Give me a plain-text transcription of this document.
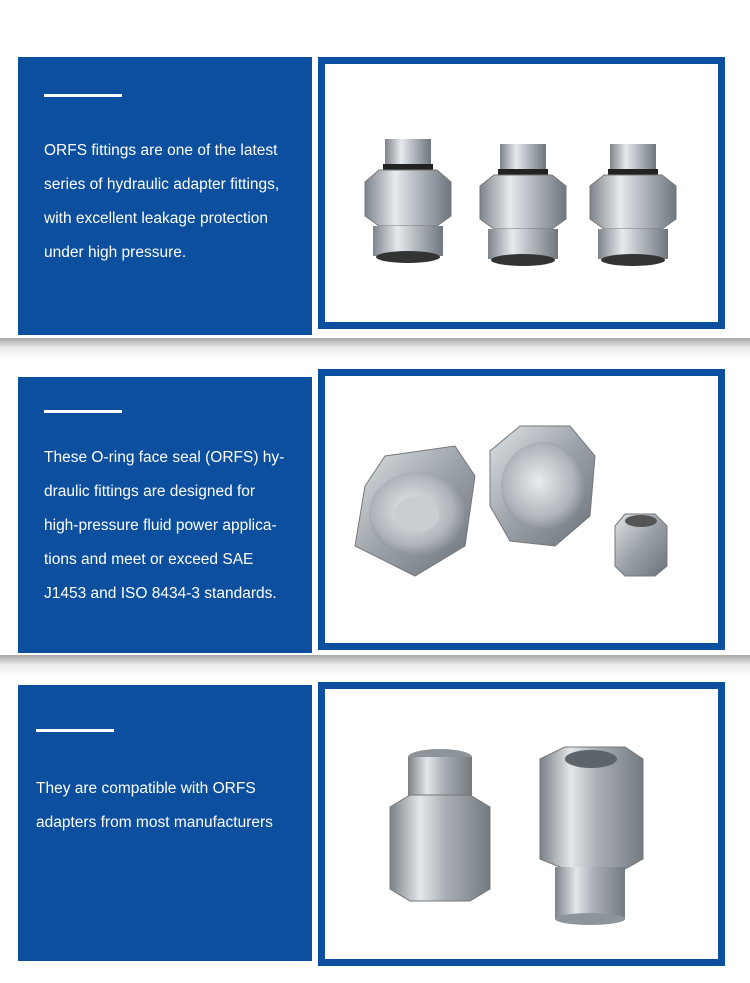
ORFS fittings are one of the latest
series of hydraulic adapter fittings,
with excellent leakage protection
under high pressure.

These O-ring face seal (ORFS) hy-
draulic fittings are designed for
high-pressure fluid power applica-
tions and meet or exceed SAE
J1453 and ISO 8434-3 standards.

They are compatible with ORFS
adapters from most manufacturers
